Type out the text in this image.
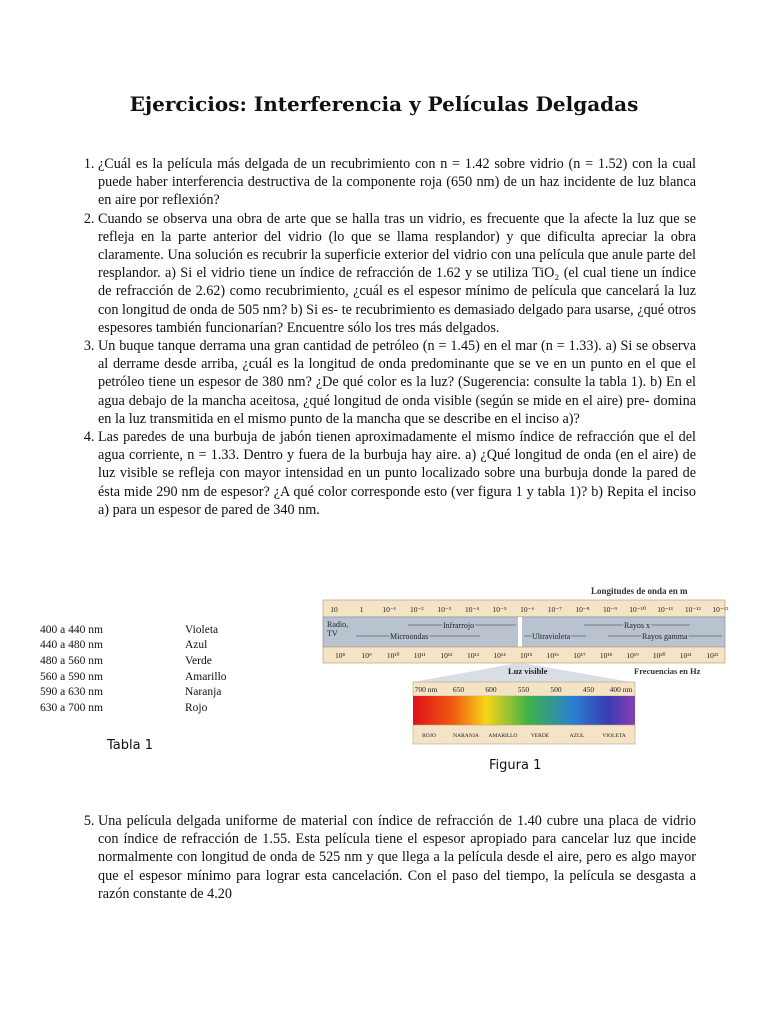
Ejercicios: Interferencia y Películas Delgadas
1. ¿Cuál es la película más delgada de un recubrimiento con n = 1.42 sobre vidrio (n = 1.52) con la cual puede haber interferencia destructiva de la componente roja (650 nm) de un haz incidente de luz blanca en aire por reflexión?
2. Cuando se observa una obra de arte que se halla tras un vidrio, es frecuente que la afecte la luz que se refleja en la parte anterior del vidrio (lo que se llama resplandor) y que dificulta apreciar la obra claramente. Una solución es recubrir la superficie exterior del vidrio con una película que anule parte del resplandor. a) Si el vidrio tiene un índice de refracción de 1.62 y se utiliza TiO₂ (el cual tiene un índice de refracción de 2.62) como recubrimiento, ¿cuál es el espesor mínimo de película que cancelará la luz con longitud de onda de 505 nm? b) Si es- te recubrimiento es demasiado delgado para usarse, ¿qué otros espesores también funcionarían? Encuentre sólo los tres más delgados.
3. Un buque tanque derrama una gran cantidad de petróleo (n = 1.45) en el mar (n = 1.33). a) Si se observa al derrame desde arriba, ¿cuál es la longitud de onda predominante que se ve en un punto en el que el petróleo tiene un espesor de 380 nm? ¿De qué color es la luz? (Sugerencia: consulte la tabla 1). b) En el agua debajo de la mancha aceitosa, ¿qué longitud de onda visible (según se mide en el aire) pre- domina en la luz transmitida en el mismo punto de la mancha que se describe en el inciso a)?
4. Las paredes de una burbuja de jabón tienen aproximadamente el mismo índice de refracción que el del agua corriente, n = 1.33. Dentro y fuera de la burbuja hay aire. a) ¿Qué longitud de onda (en el aire) de luz visible se refleja con mayor intensidad en un punto localizado sobre una burbuja donde la pared de ésta mide 290 nm de espesor? ¿A qué color corresponde esto (ver figura 1 y tabla 1)? b) Repita el inciso a) para un espesor de pared de 340 nm.
400 a 440 nm	Violeta
440 a 480 nm	Azul
480 a 560 nm	Verde
560 a 590 nm	Amarillo
590 a 630 nm	Naranja
630 a 700 nm	Rojo
Tabla 1
Longitudes de onda en m
10	1	10⁻¹ 10⁻² 10⁻³ 10⁻⁴ 10⁻⁵ 10⁻⁶ 10⁻⁷ 10⁻⁸ 10⁻⁹ 10⁻¹⁰ 10⁻¹¹ 10⁻¹² 10⁻¹³
Radio,
TV	Microondas
Infrarrojo
Ultravioleta
Rayos x
Rayos gamma
10⁸ 10⁹ 10¹⁰ 10¹¹ 10¹² 10¹³ 10¹⁴ 10¹⁵ 10¹⁶ 10¹⁷ 10¹⁸ 10¹⁹ 10²⁰ 10²¹ 10²²
Luz visible	Frecuencias en Hz
700 nm 650	600	550	500	450 400 nm
ROJO	NARANJA AMARILLO VERDE	AZUL	VIOLETA
Figura 1
5. Una película delgada uniforme de material con índice de refracción de 1.40 cubre una placa de vidrio con índice de refracción de 1.55. Esta película tiene el espesor apropiado para cancelar luz que incide normalmente con longitud de onda de 525 nm y que llega a la película desde el aire, pero es algo mayor que el espesor mínimo para lograr esta cancelación. Con el paso del tiempo, la película se desgasta a razón constante de 4.20
